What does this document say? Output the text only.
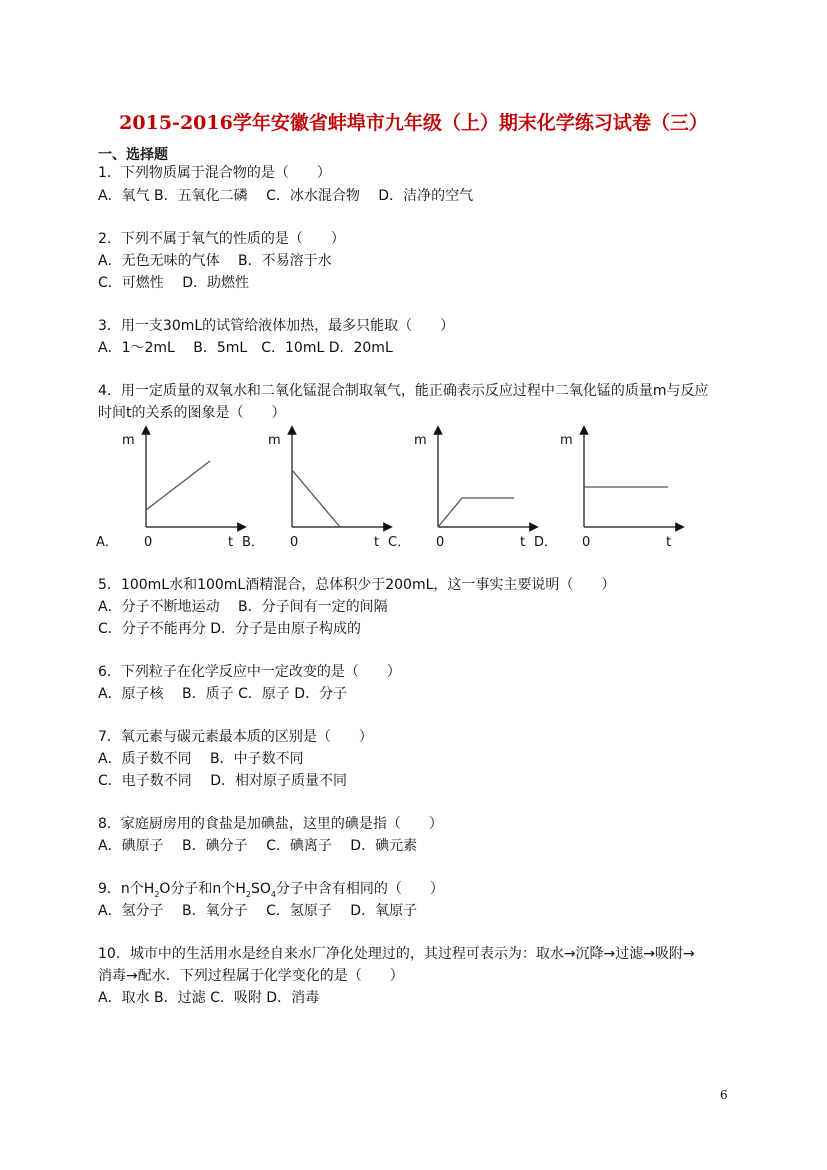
2015-2016学年安徽省蚌埠市九年级（上）期末化学练习试卷（三）
一、选择题
1．下列物质属于混合物的是（　　）
A．氧气 B．五氧化二磷　 C．冰水混合物　 D．洁净的空气
2．下列不属于氧气的性质的是（　　）
A．无色无味的气体　 B．不易溶于水
C．可燃性　 D．助燃性
3．用一支30mL的试管给液体加热，最多只能取（　　）
A．1～2mL　 B．5mL　C．10mL D．20mL
4．用一定质量的双氧水和二氧化锰混合制取氧气，能正确表示反应过程中二氧化锰的质量m与反应
时间t的关系的图象是（　　）
A．
m
0	t B．
m
0	t C．
m
0	t D．
m
0	t
5．100mL水和100mL酒精混合，总体积少于200mL，这一事实主要说明（　　）
A．分子不断地运动　 B．分子间有一定的间隔
C．分子不能再分 D．分子是由原子构成的
6．下列粒子在化学反应中一定改变的是（　　）
A．原子核　 B．质子 C．原子 D．分子
7．氧元素与碳元素最本质的区别是（　　）
A．质子数不同　 B．中子数不同
C．电子数不同　 D．相对原子质量不同
8．家庭厨房用的食盐是加碘盐，这里的碘是指（　　）
A．碘原子　 B．碘分子　 C．碘离子　 D．碘元素
9．n个$H_2O$分子和n个$H_2SO_4$分子中含有相同的（　　）
A．氢分子　 B．氧分子　 C．氢原子　 D．氧原子
10．城市中的生活用水是经自来水厂净化处理过的，其过程可表示为：取水→沉降→过滤→吸附→
消毒→配水．下列过程属于化学变化的是（　　）
A．取水 B．过滤 C．吸附 D．消毒
6
